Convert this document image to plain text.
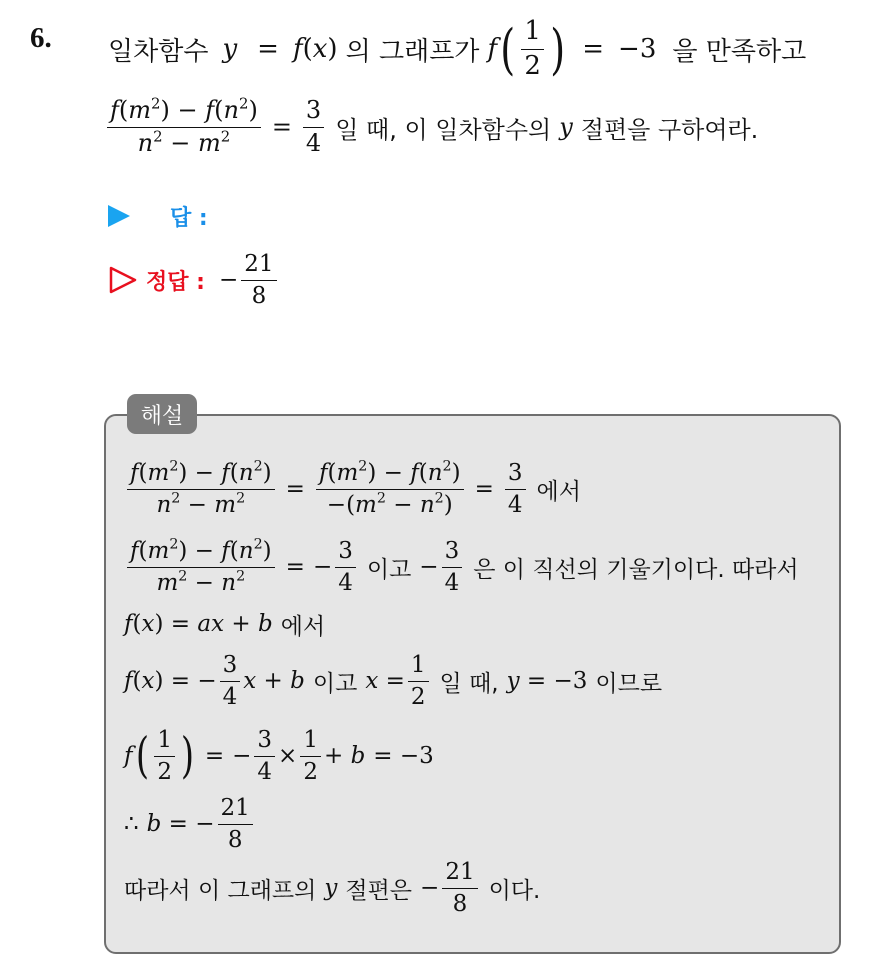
6. 일차함수 y = f(x) 의 그래프가 f ( $\frac{1}{2}$ ) = −3 을 만족하고
$\frac{f(m^2) - f(n^2)}{n^2 - m^2} = \frac{3}{4}$ 일 때, 이 일차함수의 y 절편을 구하여라.
답 :
정답 : − $\frac{21}{8}$
해설
$\frac{f(m^2) - f(n^2)}{n^2 - m^2} = \frac{f(m^2) - f(n^2)}{-(m^2 - n^2)} = \frac{3}{4}$ 에서
$\frac{f(m^2) - f(n^2)}{m^2 - n^2}$ = − $\frac{3}{4}$ 이고 − $\frac{3}{4}$ 은 이 직선의 기울기이다. 따라서
f(x) = ax + b 에서
f(x) = − $\frac{3}{4}$ x + b 이고 $x = \frac{1}{2}$ 일 때, y = −3 이므로
f ( $\frac{1}{2}$ ) = − $\frac{3}{4} \times \frac{1}{2} + b = -3$
∴ b = − $\frac{21}{8}$
따라서 이 그래프의 y 절편은 − $\frac{21}{8}$ 이다.
